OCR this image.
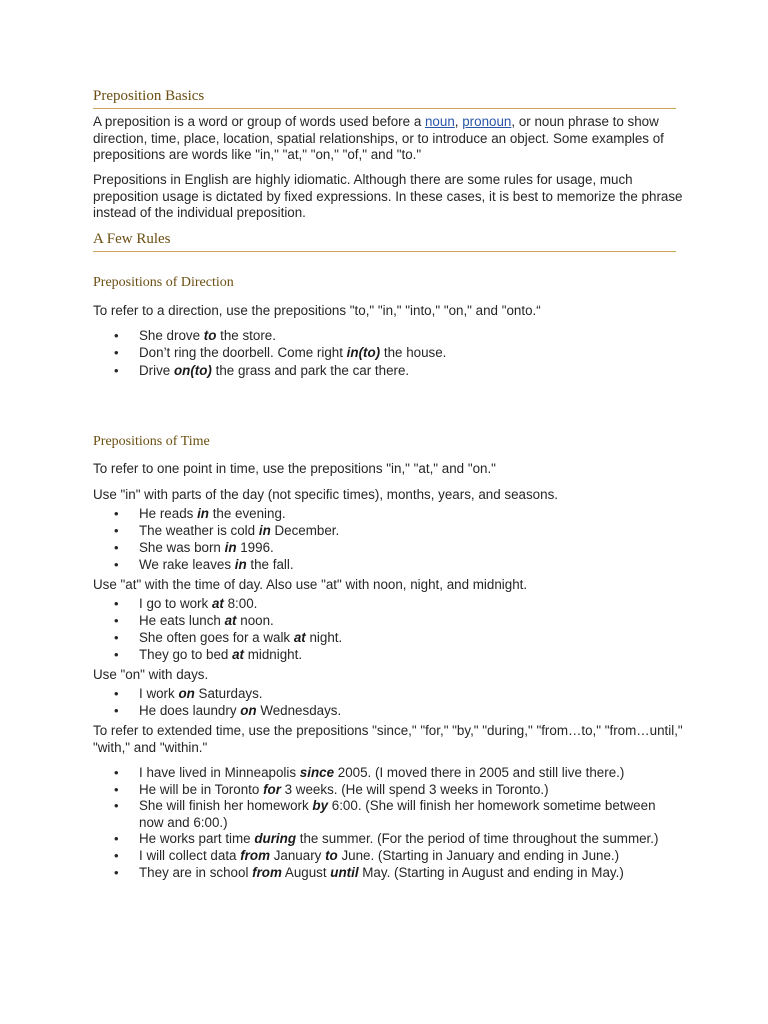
Preposition Basics

A preposition is a word or group of words used before a noun, pronoun, or noun phrase to show direction, time, place, location, spatial relationships, or to introduce an object. Some examples of prepositions are words like "in," "at," "on," "of," and "to."

Prepositions in English are highly idiomatic. Although there are some rules for usage, much preposition usage is dictated by fixed expressions. In these cases, it is best to memorize the phrase instead of the individual preposition.

A Few Rules
Prepositions of Direction

To refer to a direction, use the prepositions "to," "in," "into," "on," and "onto.“

• She drove to the store.
• Don’t ring the doorbell. Come right in(to) the house.
• Drive on(to) the grass and park the car there.
Prepositions of Time

To refer to one point in time, use the prepositions "in," "at," and "on."

Use "in" with parts of the day (not specific times), months, years, and seasons.

• He reads in the evening.
• The weather is cold in December.
• She was born in 1996.
• We rake leaves in the fall.

Use "at" with the time of day. Also use "at" with noon, night, and midnight.

• I go to work at 8:00.
• He eats lunch at noon.
• She often goes for a walk at night.
• They go to bed at midnight.

Use "on" with days.

• I work on Saturdays.
• He does laundry on Wednesdays.

To refer to extended time, use the prepositions "since," "for," "by," "during," "from…to," "from…until," "with," and "within."

• I have lived in Minneapolis since 2005. (I moved there in 2005 and still live there.)
• He will be in Toronto for 3 weeks. (He will spend 3 weeks in Toronto.)
• She will finish her homework by 6:00. (She will finish her homework sometime between now and 6:00.)
• He works part time during the summer. (For the period of time throughout the summer.)
• I will collect data from January to June. (Starting in January and ending in June.)
• They are in school from August until May. (Starting in August and ending in May.)
